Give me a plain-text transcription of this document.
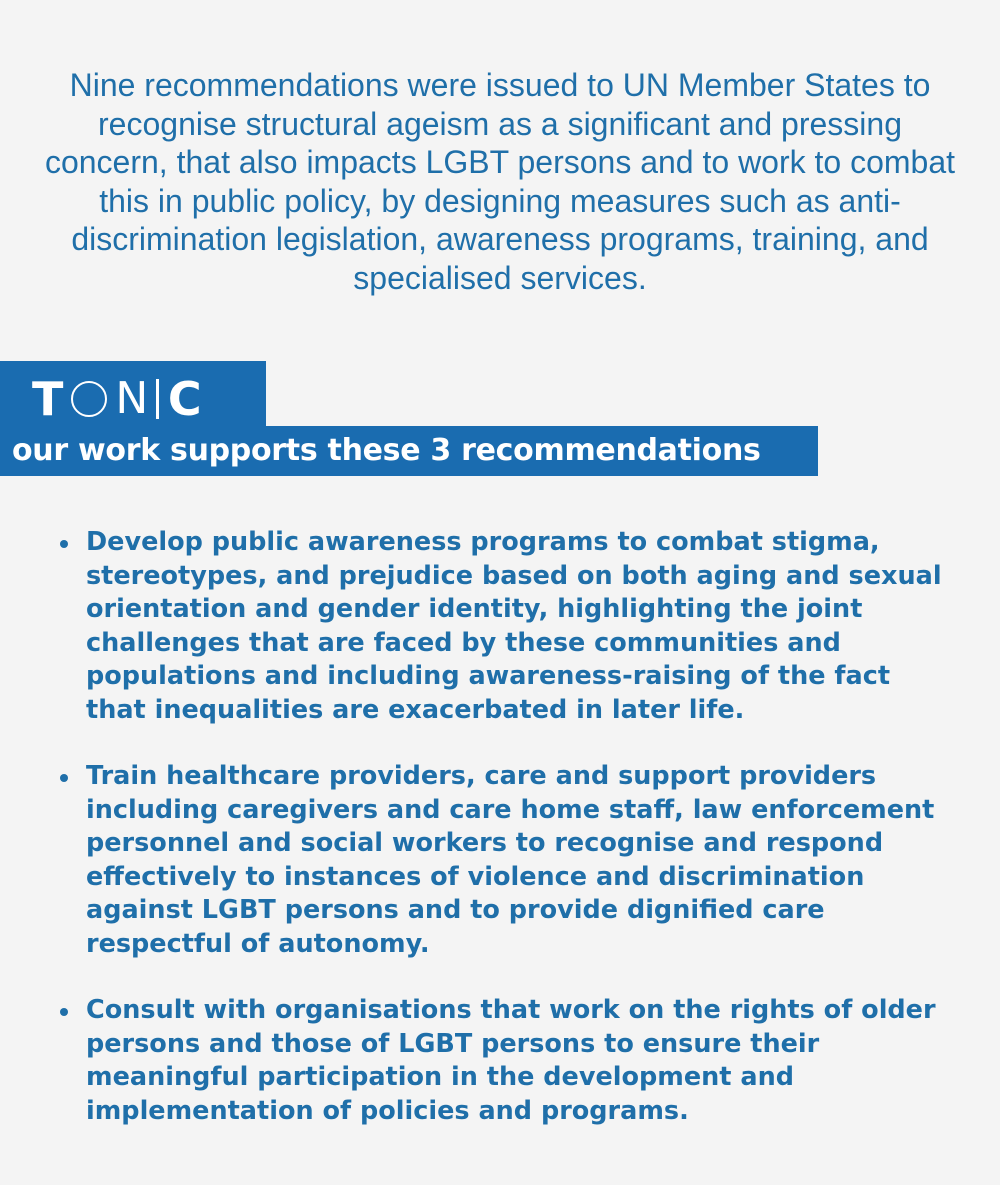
Nine recommendations were issued to UN Member States to recognise structural ageism as a significant and pressing concern, that also impacts LGBT persons and to work to combat this in public policy, by designing measures such as anti-discrimination legislation, awareness programs, training, and specialised services.
T N C
our work supports these 3 recommendations
Develop public awareness programs to combat stigma, stereotypes, and prejudice based on both aging and sexual orientation and gender identity, highlighting the joint challenges that are faced by these communities and populations and including awareness-raising of the fact that inequalities are exacerbated in later life.
Train healthcare providers, care and support providers including caregivers and care home staff, law enforcement personnel and social workers to recognise and respond effectively to instances of violence and discrimination against LGBT persons and to provide dignified care respectful of autonomy.
Consult with organisations that work on the rights of older persons and those of LGBT persons to ensure their meaningful participation in the development and implementation of policies and programs.
